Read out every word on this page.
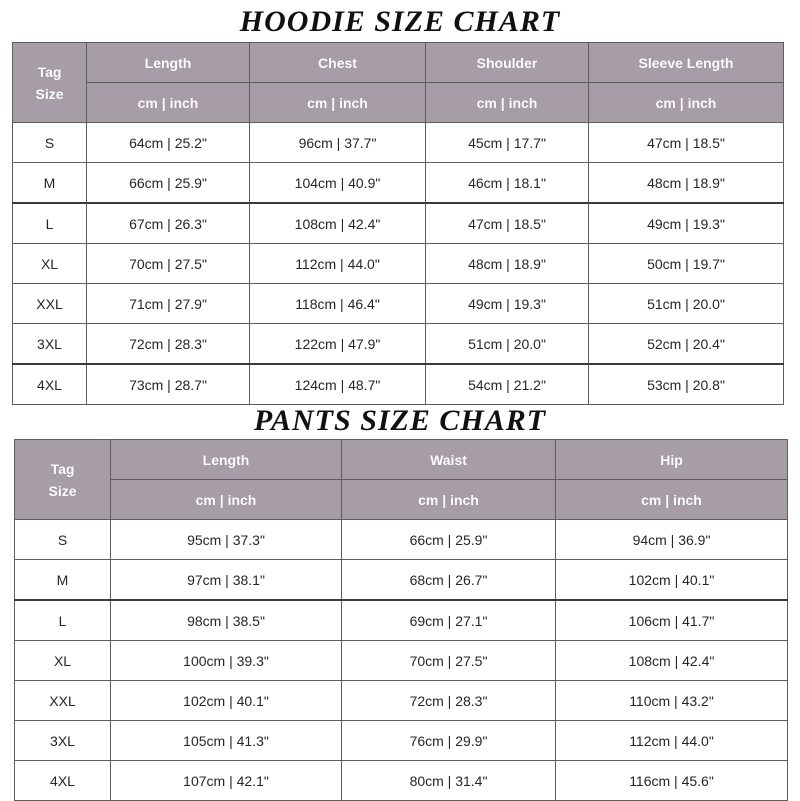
HOODIE SIZE CHART
Tag
Size	Length	Chest	Shoulder	Sleeve Length
	cm | inch	cm | inch	cm | inch	cm | inch
S	64cm | 25.2"	96cm | 37.7"	45cm | 17.7"	47cm | 18.5"
M	66cm | 25.9"	104cm | 40.9"	46cm | 18.1"	48cm | 18.9"
L	67cm | 26.3"	108cm | 42.4"	47cm | 18.5"	49cm | 19.3"
XL	70cm | 27.5"	112cm | 44.0"	48cm | 18.9"	50cm | 19.7"
XXL	71cm | 27.9"	118cm | 46.4"	49cm | 19.3"	51cm | 20.0"
3XL	72cm | 28.3"	122cm | 47.9"	51cm | 20.0"	52cm | 20.4"
4XL	73cm | 28.7"	124cm | 48.7"	54cm | 21.2"	53cm | 20.8"
PANTS SIZE CHART
Tag
Size	Length	Waist	Hip
	cm | inch	cm | inch	cm | inch
S	95cm | 37.3"	66cm | 25.9"	94cm | 36.9"
M	97cm | 38.1"	68cm | 26.7"	102cm | 40.1"
L	98cm | 38.5"	69cm | 27.1"	106cm | 41.7"
XL	100cm | 39.3"	70cm | 27.5"	108cm | 42.4"
XXL	102cm | 40.1"	72cm | 28.3"	110cm | 43.2"
3XL	105cm | 41.3"	76cm | 29.9"	112cm | 44.0"
4XL	107cm | 42.1"	80cm | 31.4"	116cm | 45.6"
